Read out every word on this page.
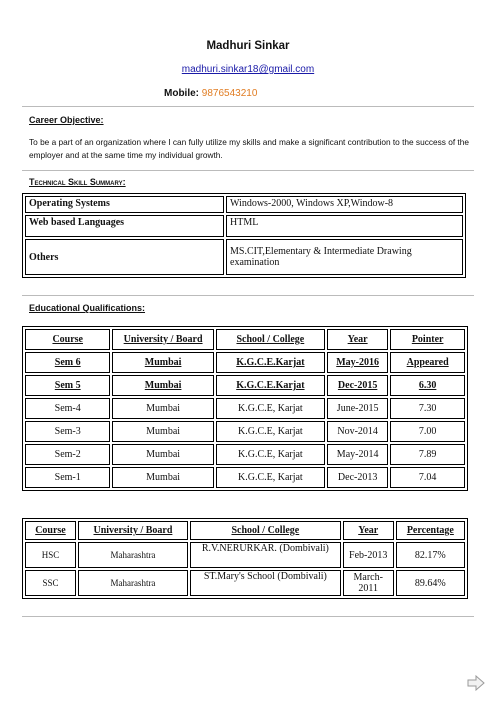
Madhuri Sinkar
madhuri.sinkar18@gmail.com
Mobile: 9876543210
Career Objective:
To be a part of an organization where I can fully utilize my skills and make a significant contribution to the success of the employer and at the same time my individual growth.
Technical Skill Summary:
Operating Systems	Windows-2000, Windows XP,Window-8
Web based Languages	HTML
Others	MS.CIT,Elementary & Intermediate Drawing examination
Educational Qualifications:
Course	University / Board	School / College	Year	Pointer
Sem 6	Mumbai	K.G.C.E.Karjat	May-2016	Appeared
Sem 5	Mumbai	K.G.C.E.Karjat	Dec-2015	6.30
Sem-4	Mumbai	K.G.C.E, Karjat	June-2015	7.30
Sem-3	Mumbai	K.G.C.E, Karjat	Nov-2014	7.00
Sem-2	Mumbai	K.G.C.E, Karjat	May-2014	7.89
Sem-1	Mumbai	K.G.C.E, Karjat	Dec-2013	7.04
Course	University / Board	School / College	Year	Percentage
HSC	Maharashtra	R.V.NERURKAR. (Dombivali)	Feb-2013	82.17%
SSC	Maharashtra	ST.Mary's School (Dombivali)	March-2011	89.64%
